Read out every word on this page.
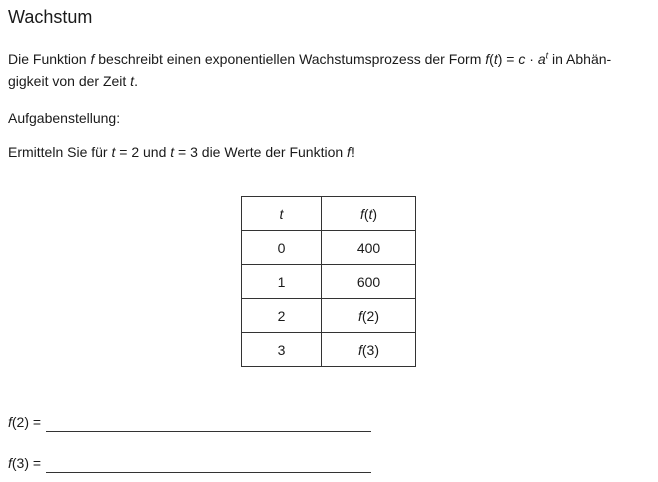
Wachstum

Die Funktion f beschreibt einen exponentiellen Wachstumsprozess der Form $f(t) = c \cdot a^t$ in Abhän-gigkeit von der Zeit t.

Aufgabenstellung:

Ermitteln Sie für t = 2 und t = 3 die Werte der Funktion f!

t	f(t)
0	400
1	600
2	f(2)
3	f(3)
f(2) =
f(3) =
